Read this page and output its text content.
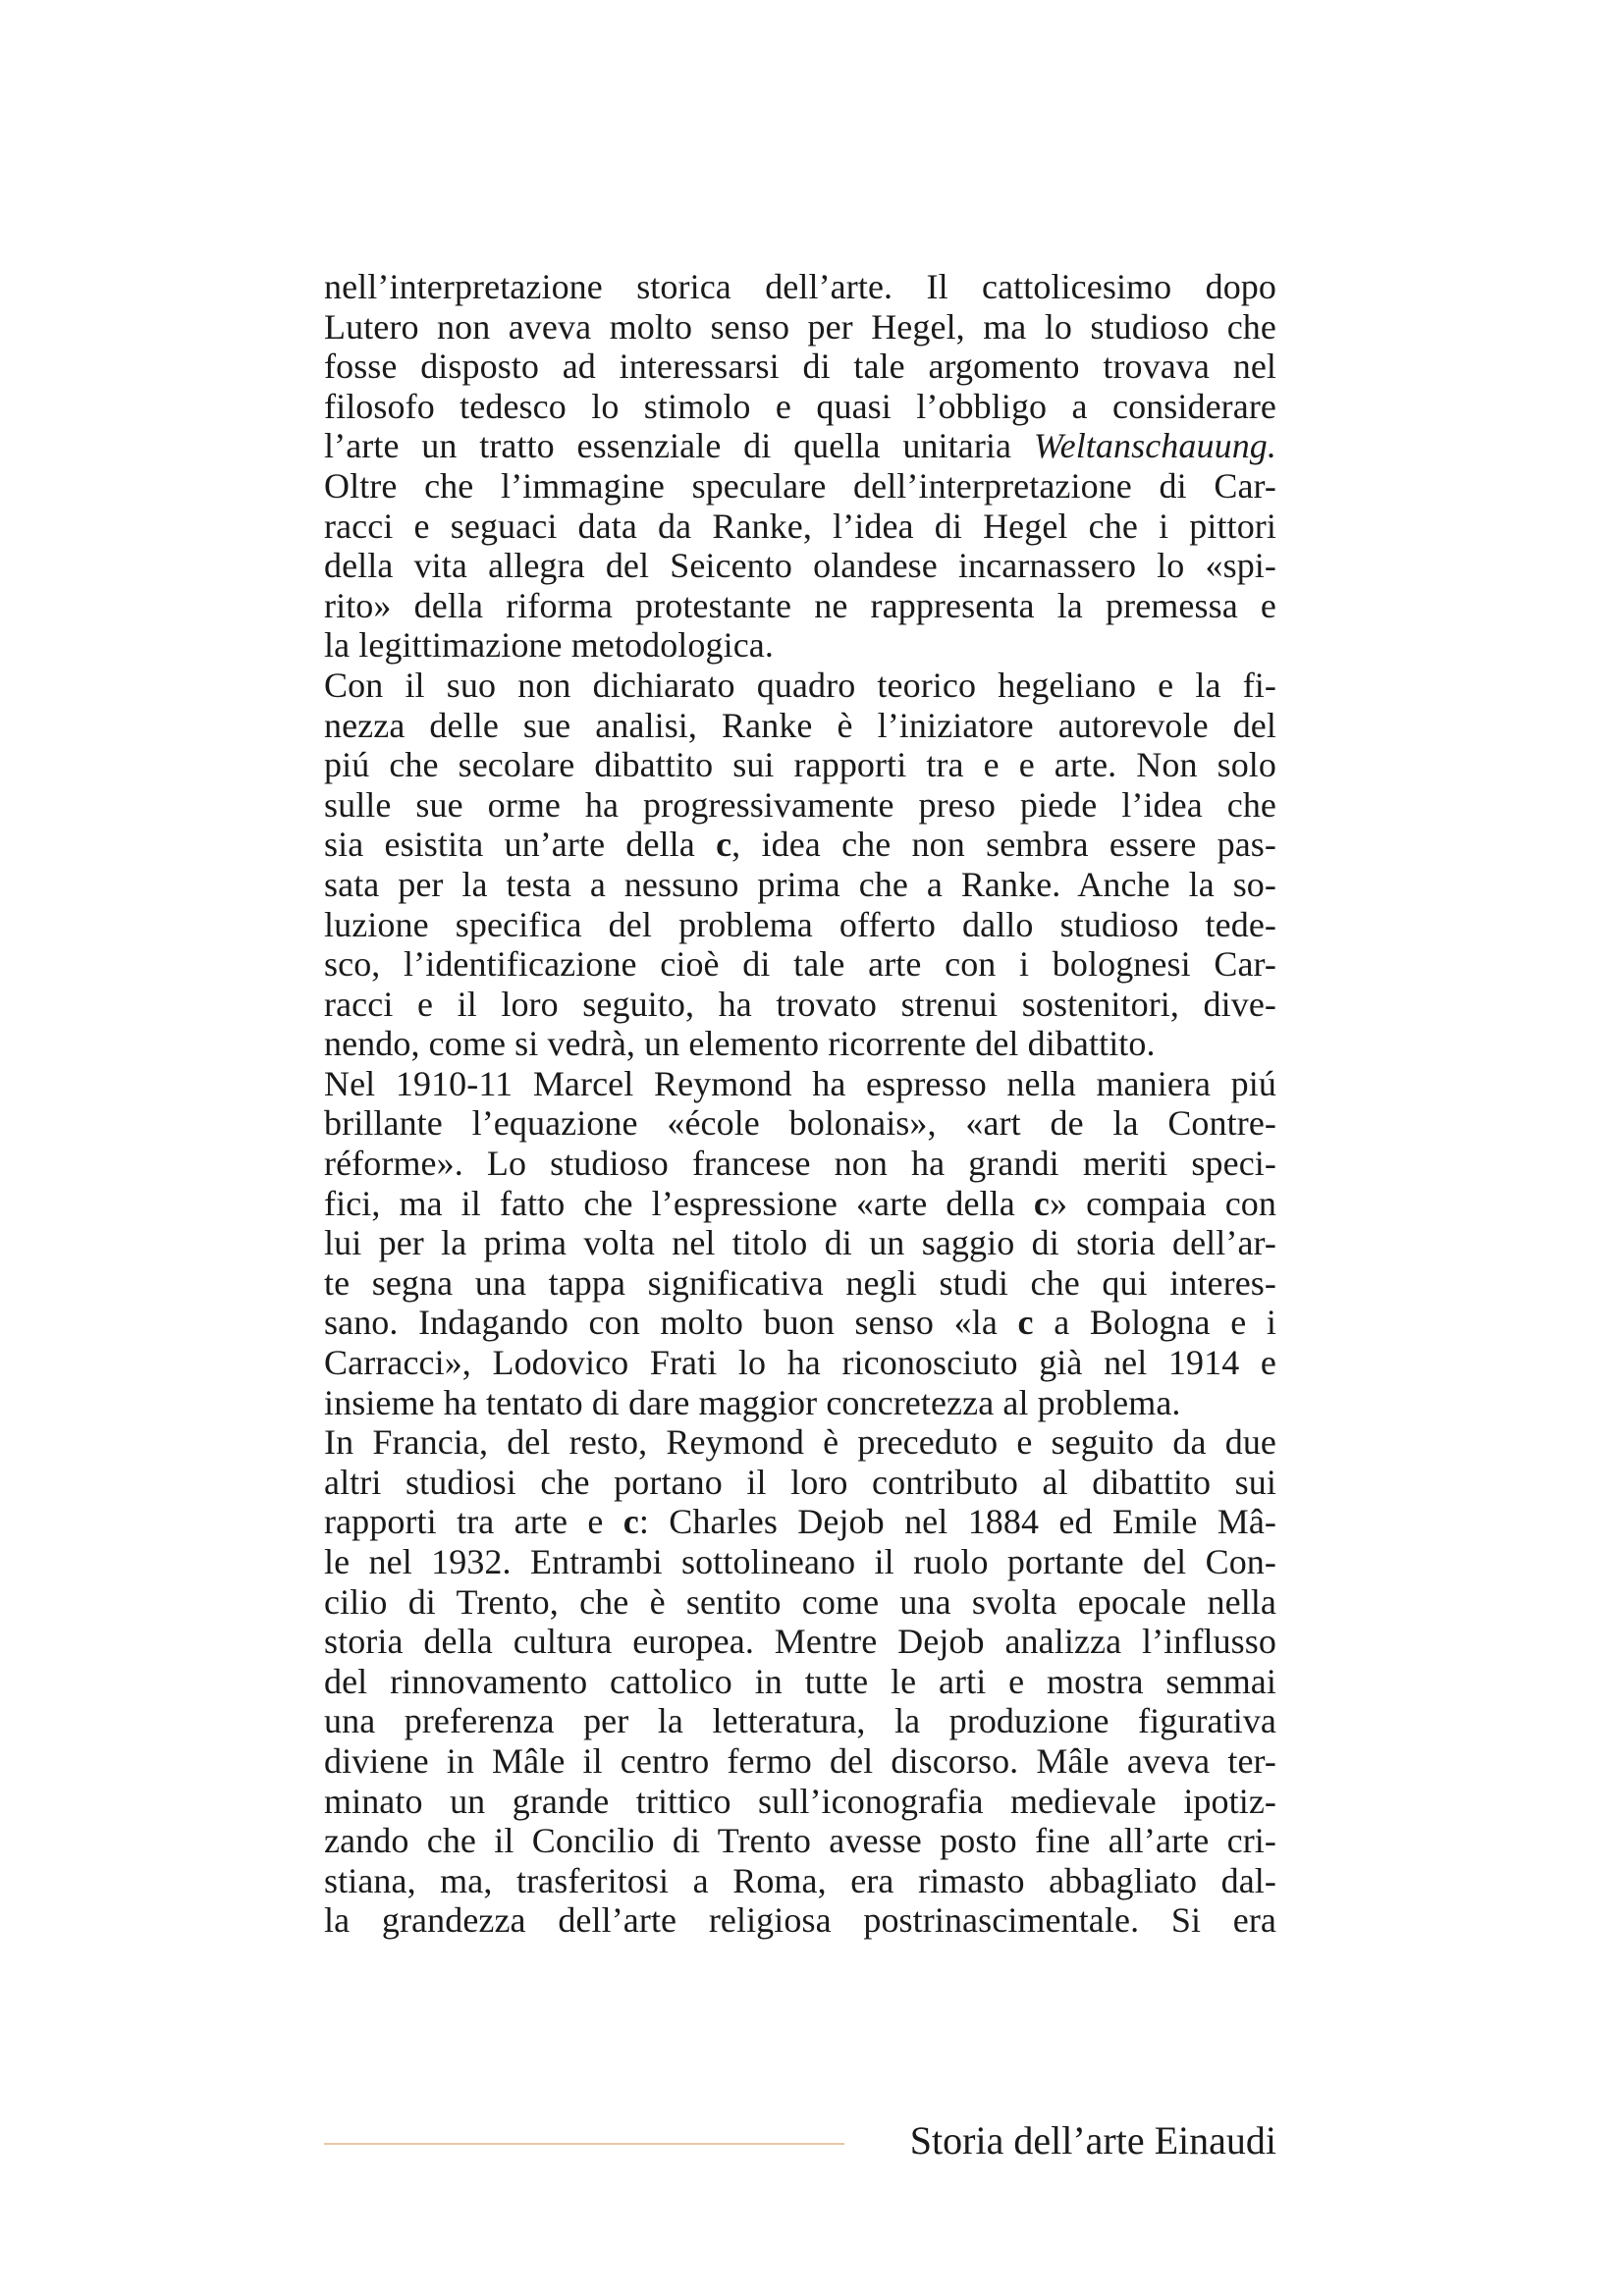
nell’interpretazione storica dell’arte. Il cattolicesimo dopo
Lutero non aveva molto senso per Hegel, ma lo studioso che
fosse disposto ad interessarsi di tale argomento trovava nel
filosofo tedesco lo stimolo e quasi l’obbligo a considerare
l’arte un tratto essenziale di quella unitaria Weltanschauung.
Oltre che l’immagine speculare dell’interpretazione di Car-
racci e seguaci data da Ranke, l’idea di Hegel che i pittori
della vita allegra del Seicento olandese incarnassero lo «spi-
rito» della riforma protestante ne rappresenta la premessa e
la legittimazione metodologica.
Con il suo non dichiarato quadro teorico hegeliano e la fi-
nezza delle sue analisi, Ranke è l’iniziatore autorevole del
piú che secolare dibattito sui rapporti tra e e arte. Non solo
sulle sue orme ha progressivamente preso piede l’idea che
sia esistita un’arte della c, idea che non sembra essere pas-
sata per la testa a nessuno prima che a Ranke. Anche la so-
luzione specifica del problema offerto dallo studioso tede-
sco, l’identificazione cioè di tale arte con i bolognesi Car-
racci e il loro seguito, ha trovato strenui sostenitori, dive-
nendo, come si vedrà, un elemento ricorrente del dibattito.
Nel 1910-11 Marcel Reymond ha espresso nella maniera piú
brillante l’equazione «école bolonais», «art de la Contre-
réforme». Lo studioso francese non ha grandi meriti speci-
fici, ma il fatto che l’espressione «arte della c» compaia con
lui per la prima volta nel titolo di un saggio di storia dell’ar-
te segna una tappa significativa negli studi che qui interes-
sano. Indagando con molto buon senso «la c a Bologna e i
Carracci», Lodovico Frati lo ha riconosciuto già nel 1914 e
insieme ha tentato di dare maggior concretezza al problema.
In Francia, del resto, Reymond è preceduto e seguito da due
altri studiosi che portano il loro contributo al dibattito sui
rapporti tra arte e c: Charles Dejob nel 1884 ed Emile Mâ-
le nel 1932. Entrambi sottolineano il ruolo portante del Con-
cilio di Trento, che è sentito come una svolta epocale nella
storia della cultura europea. Mentre Dejob analizza l’influsso
del rinnovamento cattolico in tutte le arti e mostra semmai
una preferenza per la letteratura, la produzione figurativa
diviene in Mâle il centro fermo del discorso. Mâle aveva ter-
minato un grande trittico sull’iconografia medievale ipotiz-
zando che il Concilio di Trento avesse posto fine all’arte cri-
stiana, ma, trasferitosi a Roma, era rimasto abbagliato dal-
la grandezza dell’arte religiosa postrinascimentale. Si era
Storia dell’arte Einaudi
